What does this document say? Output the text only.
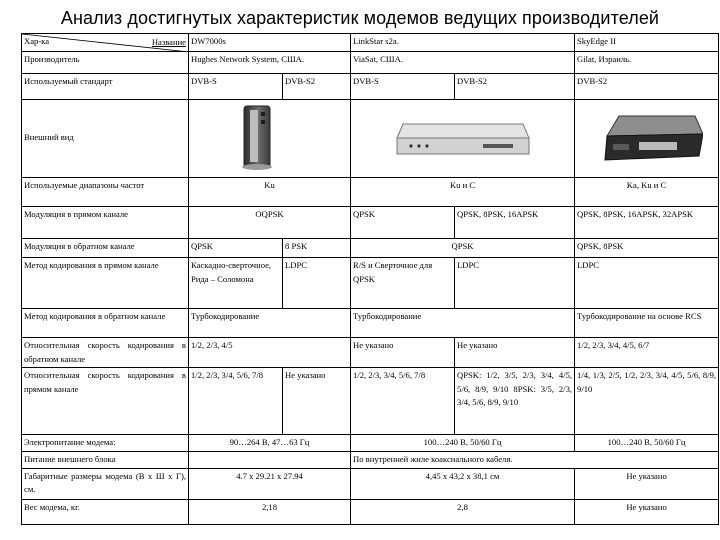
Анализ достигнутых характеристик модемов ведущих производителей
Хар-ка Название	DW7000s		LinkStar s2a.		SkyEdge II
Производитель	Hughes Network System, США.		ViaSat, США.		Gilat, Израиль.
Используемый стандарт	DVB-S	DVB-S2	DVB-S	DVB-S2	DVB-S2
Внешний вид	

Используемые диапазоны частот	Ku		Ku и C		Ka, Ku и C
Модуляция в прямом канале	OQPSK		QPSK	QPSK, 8PSK, 16APSK	QPSK, 8PSK, 16APSK, 32APSK
Модуляция в обратном канале	QPSK	8 PSK	QPSK		QPSK, 8PSK
Метод кодирования в прямом канале	Каскадно-сверточное, Рида – Соломона	LDPC	R/S и Сверточное для QPSK	LDPC	LDPC
Метод кодирования в обратном канале	Турбокодирование		Турбокодирование		Турбокодирование на основе RCS
Относительная скорость кодирования в обратном канале	1/2, 2/3, 4/5		Не указано	Не указано	1/2, 2/3, 3/4, 4/5, 6/7
Относительная скорость кодирования в прямом канале	1/2, 2/3, 3/4, 5/6, 7/8	Не указано	1/2, 2/3, 3/4, 5/6, 7/8	QPSK: 1/2, 3/5, 2/3, 3/4, 4/5, 5/6, 8/9, 9/10 8PSK: 3/5, 2/3, 3/4, 5/6, 8/9, 9/10	1/4, 1/3, 2/5, 1/2, 2/3, 3/4, 4/5, 5/6, 8/9, 9/10
Электропитание модема:	90…264 В, 47…63 Гц		100…240 В, 50/60 Гц		100…240 В, 50/60 Гц
Питание внешнего блока			По внутренней жиле коаксиального кабеля.		
Габаритные размеры модема (В х Ш х Г), см.	4.7 x 29.21 x 27.94		4,45 x 43,2 x 38,1 см		Не указано
Вес модема, кг.	2,18		2,8		Не указано
